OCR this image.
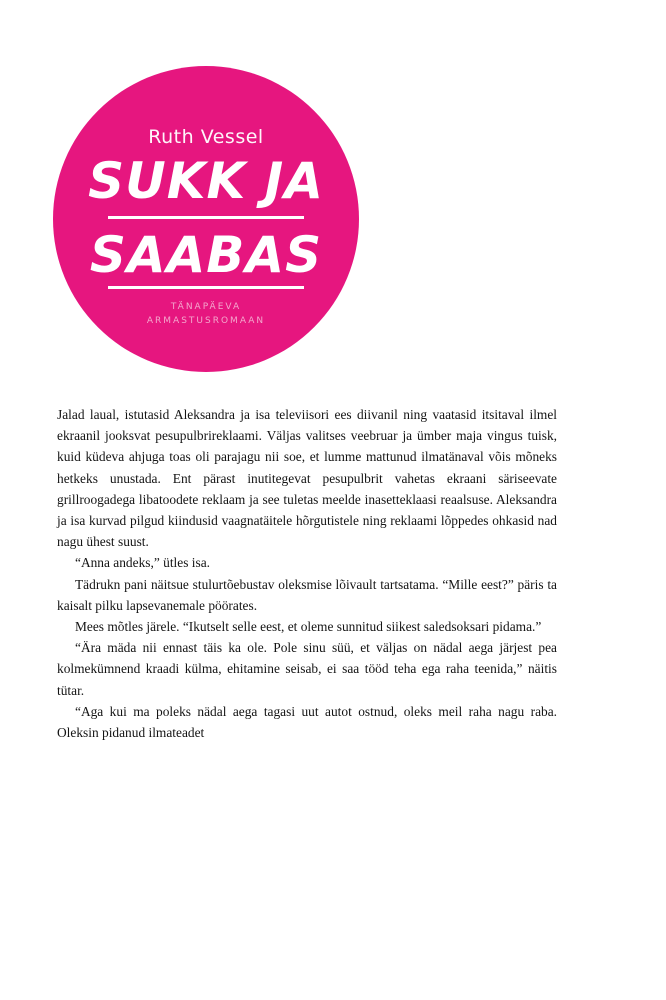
Ruth Vessel
SUKK JA
SAABAS
TÄNAPÄEVA
ARMASTUSROMAAN

Jalad laual, istutasid Aleksandra ja isa televiisori ees diivanil ning vaatasid itsitaval ilmel ekraanil jooksvat pesupulbrireklaami. Väljas valitses veebruar ja ümber maja vingus tuisk, kuid küdeva ahjuga toas oli parajagu nii soe, et lumme mattunud ilmatänaval võis mõneks hetkeks unustada. Ent pärast inutitegevat pesupulbrit vahetas ekraani säriseevate grillroogadega libatoodete reklaam ja see tuletas meelde inasetteklaasi reaalsuse. Aleksandra ja isa kurvad pilgud kiindusid vaagnatäitele hõrgutistele ning reklaami lõppedes ohkasid nad nagu ühest suust.

“Anna andeks,” ütles isa.

Tädrukn pani näitsue stulurtõebustav oleksmise lõivault tartsatama. “Mille eest?” päris ta kaisalt pilku lapsevanemale pöörates.

Mees mõtles järele. “Ikutselt selle eest, et oleme sunnitud siikest saledsoksari pidama.”

“Ära mäda nii ennast täis ka ole. Pole sinu süü, et väljas on nädal aega järjest pea kolmekümnend kraadi külma, ehitamine seisab, ei saa tööd teha ega raha teenida,” näitis tütar.

“Aga kui ma poleks nädal aega tagasi uut autot ostnud, oleks meil raha nagu raba. Oleksin pidanud ilmateadet
